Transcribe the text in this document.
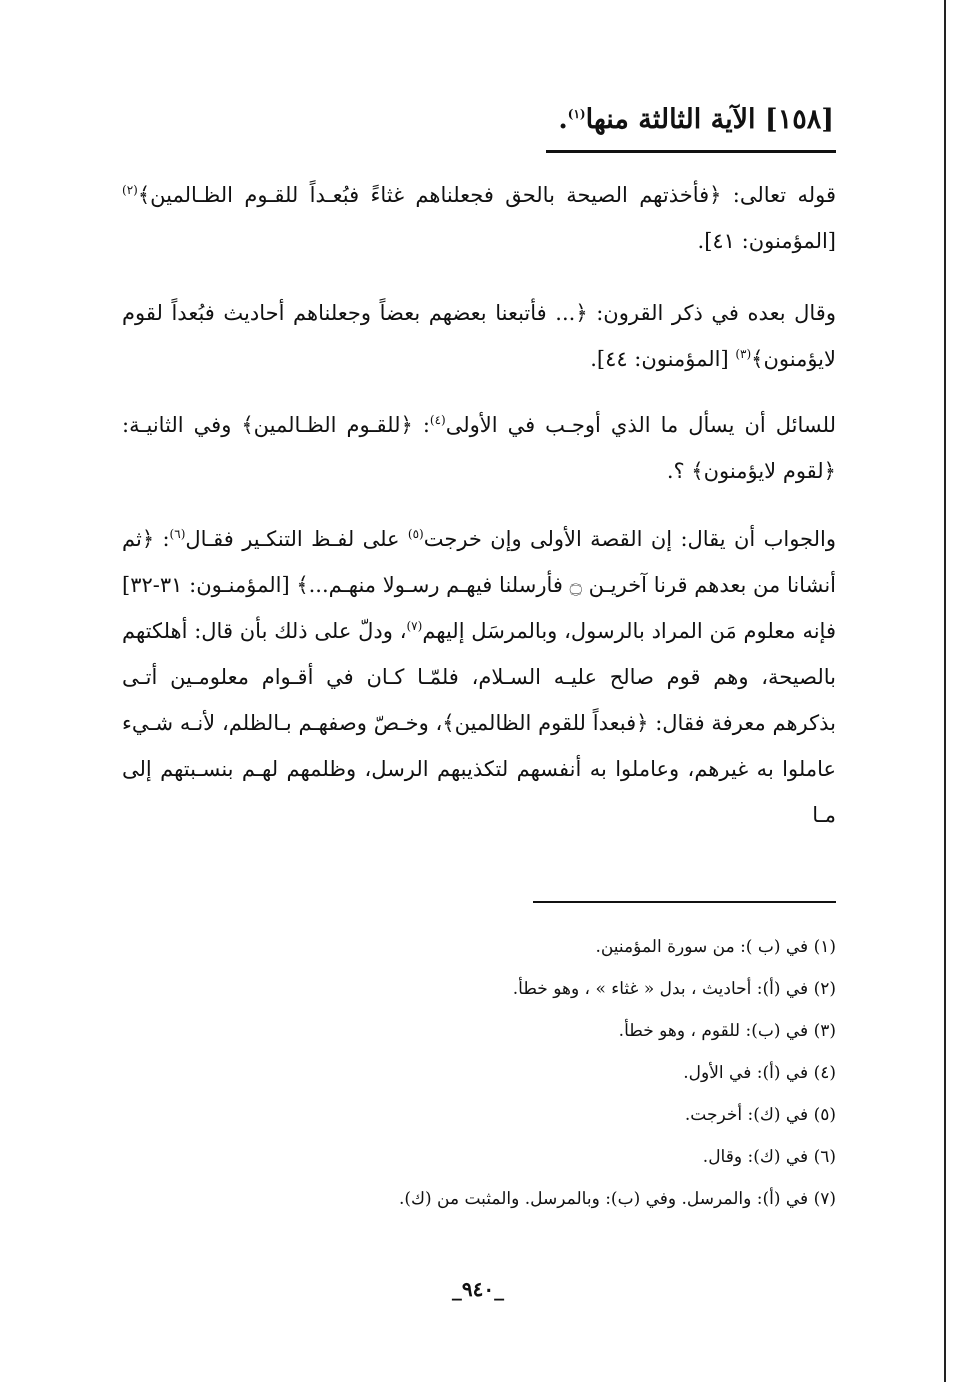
[١٥٨] الآية الثالثة منها$^{(١)}$.

قوله تعالى: ﴿فأخذتهم الصيحة بالحق فجعلناهم غثاءً فبُعـداً للقـوم الظـالمين﴾$^{(٢)}$ [المؤمنون: ٤١].

وقال بعده في ذكر القرون: ﴿... فأتبعنا بعضهم بعضاً وجعلناهم أحاديث فبُعداً لقوم لايؤمنون﴾$^{(٣)}$ [المؤمنون: ٤٤].

للسائل أن يسأل ما الذي أوجـب في الأولى$^{(٤)}$: ﴿للقـوم الظـالمين﴾ وفي الثانيـة: ﴿لقوم لايؤمنون﴾ ؟.

والجواب أن يقال: إن القصة الأولى وإن خرجت$^{(٥)}$ على لفـظ التنكـير فقـال$^{(٦)}$: ﴿ثم أنشانا من بعدهم قرنا آخريـن ۝ فأرسلنا فيهـم رسـولا منهـم...﴾ [المؤمنـون: ٣١-٣٢] فإنه معلوم مَن المراد بالرسول، وبالمرسَل إليهم$^{(٧)}$، ودلّ على ذلك بأن قال: أهلكتهم بالصيحة، وهم قوم صالح عليـه السـلام، فلمّـا كـان في أقـوام معلومـين أتـى بذكرهم معرفة فقال: ﴿فبعداً للقوم الظالمين﴾، وخـصّ وصفهـم بـالظلم، لأنـه شـيء عاملوا به غيرهم، وعاملوا به أنفسهم لتكذيبهم الرسل، وظلمهم لهـم بنسـبتهم إلى مـا

(١) في (ب ): من سورة المؤمنين.
(٢) في (أ): أحاديث ، بدل « غثاء » ، وهو خطأ.
(٣) في (ب): للقوم ، وهو خطأ.
(٤) في (أ): في الأول.
(٥) في (ك): أخرجت.
(٦) في (ك): وقال.
(٧) في (أ): والمرسل. وفي (ب): وبالمرسل. والمثبت من (ك).
_٩٤٠_
